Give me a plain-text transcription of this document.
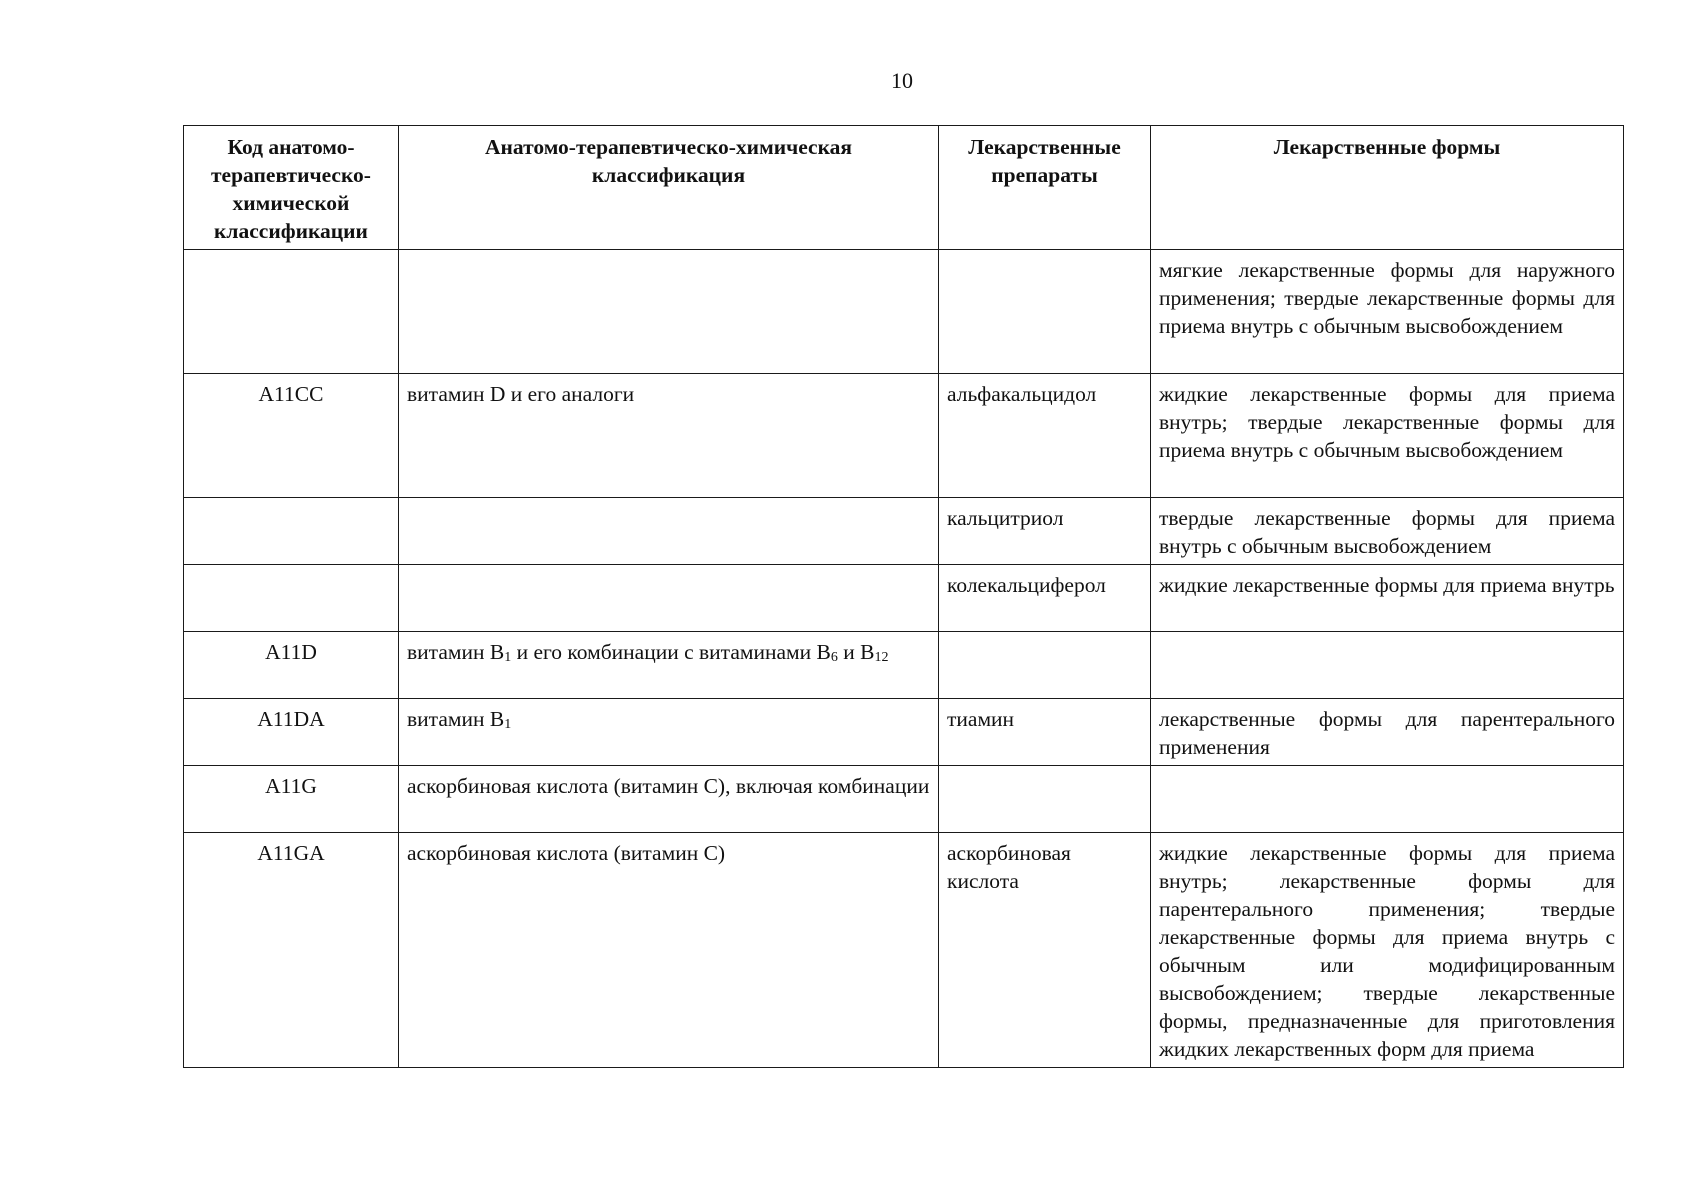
10
Код анатомо-терапевтическо-химической классификации	Анатомо-терапевтическо-химическая классификация	Лекарственные препараты	Лекарственные формы
			мягкие лекарственные формы для наружного применения; твердые лекарственные формы для приема внутрь с обычным высвобождением
A11CC	витамин D и его аналоги	альфакальцидол	жидкие лекарственные формы для приема внутрь; твердые лекарственные формы для приема внутрь с обычным высвобождением
		кальцитриол	твердые лекарственные формы для приема внутрь с обычным высвобождением
		колекальциферол	жидкие лекарственные формы для приема внутрь
A11D	витамин $B_1$ и его комбинации с витаминами $B_6$ и $B_{12}$		
A11DA	витамин $B_1$	тиамин	лекарственные формы для парентерального применения
A11G	аскорбиновая кислота (витамин C), включая комбинации		
A11GA	аскорбиновая кислота (витамин C)	аскорбиновая кислота	жидкие лекарственные формы для приема внутрь; лекарственные формы для парентерального применения; твердые лекарственные формы для приема внутрь с обычным или модифицированным высвобождением; твердые лекарственные формы, предназначенные для приготовления жидких лекарственных форм для приема
